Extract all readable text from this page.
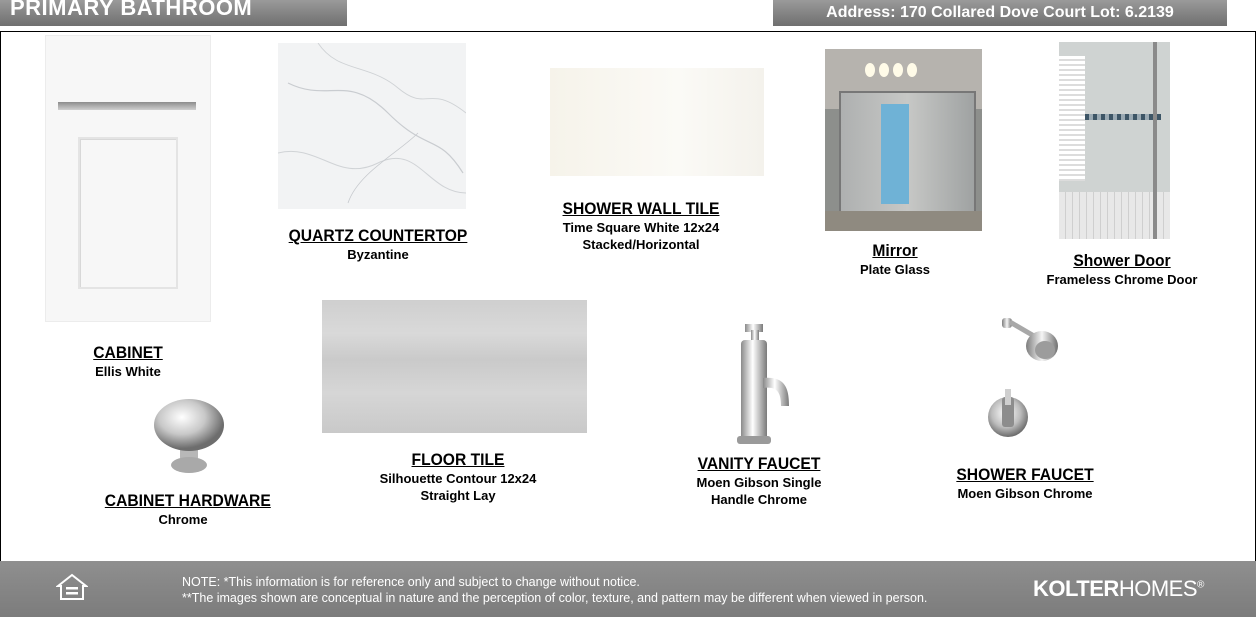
PRIMARY BATHROOM	Address: 170 Collared Dove Court Lot: 6.2139
CABINET
Ellis White
QUARTZ COUNTERTOP
Byzantine
SHOWER WALL TILE
Time Square White 12x24
Stacked/Horizontal	Mirror
Plate Glass	Shower Door
Frameless Chrome Door
CABINET HARDWARE
Chrome
FLOOR TILE
Silhouette Contour 12x24
Straight Lay
VANITY FAUCET
Moen Gibson Single
Handle Chrome
SHOWER FAUCET
Moen Gibson Chrome
NOTE: *This information is for reference only and subject to change without notice.
**The images shown are conceptual in nature and the perception of color, texture, and pattern may be different when viewed in person.	KOLTERHOMES®
